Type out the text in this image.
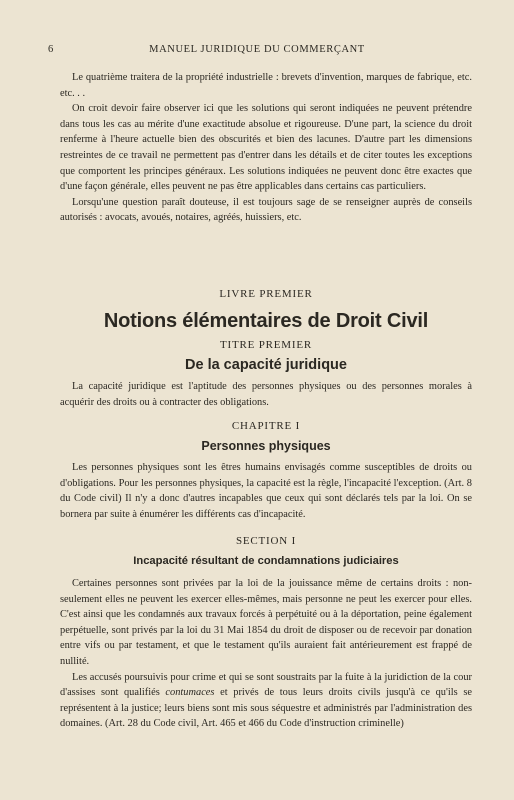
6	MANUEL JURIDIQUE DU COMMERÇANT

Le quatrième traitera de la propriété industrielle : brevets d'invention, marques de fabrique, etc. etc. . .

On croit devoir faire observer ici que les solutions qui seront indiquées ne peuvent prétendre dans tous les cas au mérite d'une exactitude absolue et rigoureuse. D'une part, la science du droit renferme à l'heure actuelle bien des obscurités et bien des lacunes. D'autre part les dimensions restreintes de ce travail ne permettent pas d'entrer dans les détails et de citer toutes les exceptions que comportent les principes généraux. Les solutions indiquées ne peuvent donc être exactes que d'une façon générale, elles peuvent ne pas être applicables dans certains cas particuliers.

Lorsqu'une question paraît douteuse, il est toujours sage de se renseigner auprès de conseils autorisés : avocats, avoués, notaires, agréés, huissiers, etc.

LIVRE PREMIER

Notions élémentaires de Droit Civil

TITRE PREMIER

De la capacité juridique

La capacité juridique est l'aptitude des personnes physiques ou des personnes morales à acquérir des droits ou à contracter des obligations.

CHAPITRE I

Personnes physiques

Les personnes physiques sont les êtres humains envisagés comme susceptibles de droits ou d'obligations. Pour les personnes physiques, la capacité est la règle, l'incapacité l'exception. (Art. 8 du Code civil) Il n'y a donc d'autres incapables que ceux qui sont déclarés tels par la loi. On se bornera par suite à énumérer les différents cas d'incapacité.

SECTION I

Incapacité résultant de condamnations judiciaires

Certaines personnes sont privées par la loi de la jouissance même de certains droits : non-seulement elles ne peuvent les exercer elles-mêmes, mais personne ne peut les exercer pour elles. C'est ainsi que les condamnés aux travaux forcés à perpétuité ou à la déportation, peine également perpétuelle, sont privés par la loi du 31 Mai 1854 du droit de disposer ou de recevoir par donation entre vifs ou par testament, et que le testament qu'ils auraient fait antérieurement est frappé de nullité.

Les accusés poursuivis pour crime et qui se sont soustraits par la fuite à la juridiction de la cour d'assises sont qualifiés contumaces et privés de tous leurs droits civils jusqu'à ce qu'ils se représentent à la justice; leurs biens sont mis sous séquestre et administrés par l'administration des domaines. (Art. 28 du Code civil, Art. 465 et 466 du Code d'instruction criminelle)
